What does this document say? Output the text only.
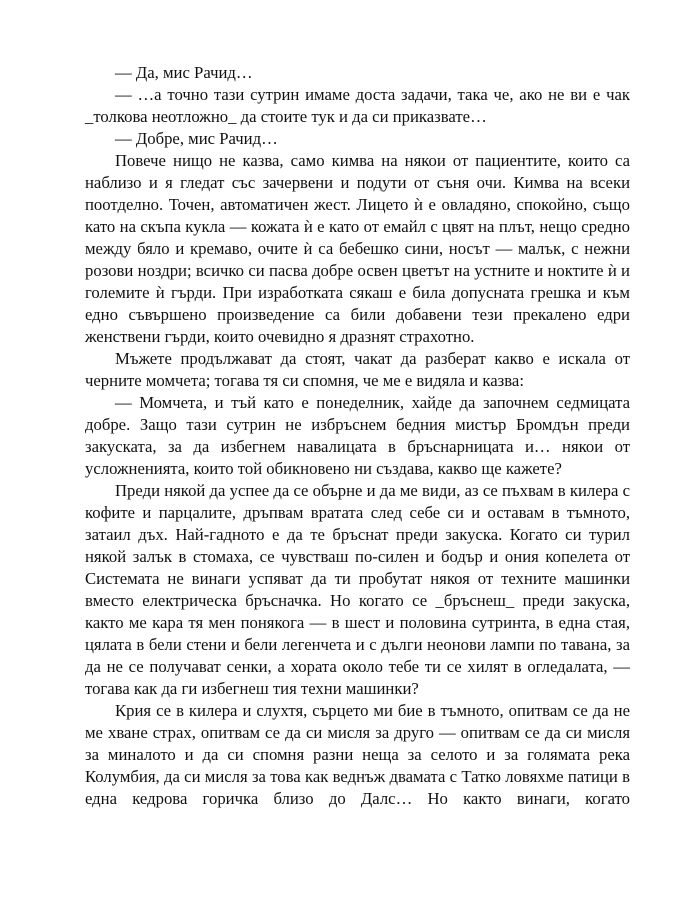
— Да, мис Рачид…

— …а точно тази сутрин имаме доста задачи, така че, ако не ви е чак _толкова неотложно_ да стоите тук и да си приказвате…

— Добре, мис Рачид…

Повече нищо не казва, само кимва на някои от пациентите, които са наблизо и я гледат със зачервени и подути от съня очи. Кимва на всеки поотделно. Точен, автоматичен жест. Лицето ѝ е овладяно, спокойно, също като на скъпа кукла — кожата ѝ е като от емайл с цвят на плът, нещо средно между бяло и кремаво, очите ѝ са бебешко сини, носът — малък, с нежни розови ноздри; всичко си пасва добре освен цветът на устните и ноктите ѝ и големите ѝ гърди. При изработката сякаш е била допусната грешка и към едно съвършено произведение са били добавени тези прекалено едри женствени гърди, които очевидно я дразнят страхотно.

Мъжете продължават да стоят, чакат да разберат какво е искала от черните момчета; тогава тя си спомня, че ме е видяла и казва:

— Момчета, и тъй като е понеделник, хайде да започнем седмицата добре. Защо тази сутрин не избръснем бедния мистър Бромдън преди закуската, за да избегнем навалицата в бръснарницата и… някои от усложненията, които той обикновено ни създава, какво ще кажете?

Преди някой да успее да се обърне и да ме види, аз се пъхвам в килера с кофите и парцалите, дръпвам вратата след себе си и оставам в тъмното, затаил дъх. Най-гадното е да те бръснат преди закуска. Когато си турил някой залък в стомаха, се чувстваш по-силен и бодър и ония копелета от Системата не винаги успяват да ти пробутат някоя от техните машинки вместо електрическа бръсначка. Но когато се _бръснеш_ преди закуска, както ме кара тя мен понякога — в шест и половина сутринта, в една стая, цялата в бели стени и бели легенчета и с дълги неонови лампи по тавана, за да не се получават сенки, а хората около тебе ти се хилят в огледалата, — тогава как да ги избегнеш тия техни машинки?

Крия се в килера и слухтя, сърцето ми бие в тъмното, опитвам се да не ме хване страх, опитвам се да си мисля за друго — опитвам се да си мисля за миналото и да си спомня разни неща за селото и за голямата река Колумбия, да си мисля за това как веднъж двамата с Татко ловяхме патици в една кедрова горичка близо до Далс… Но както винаги, когато
